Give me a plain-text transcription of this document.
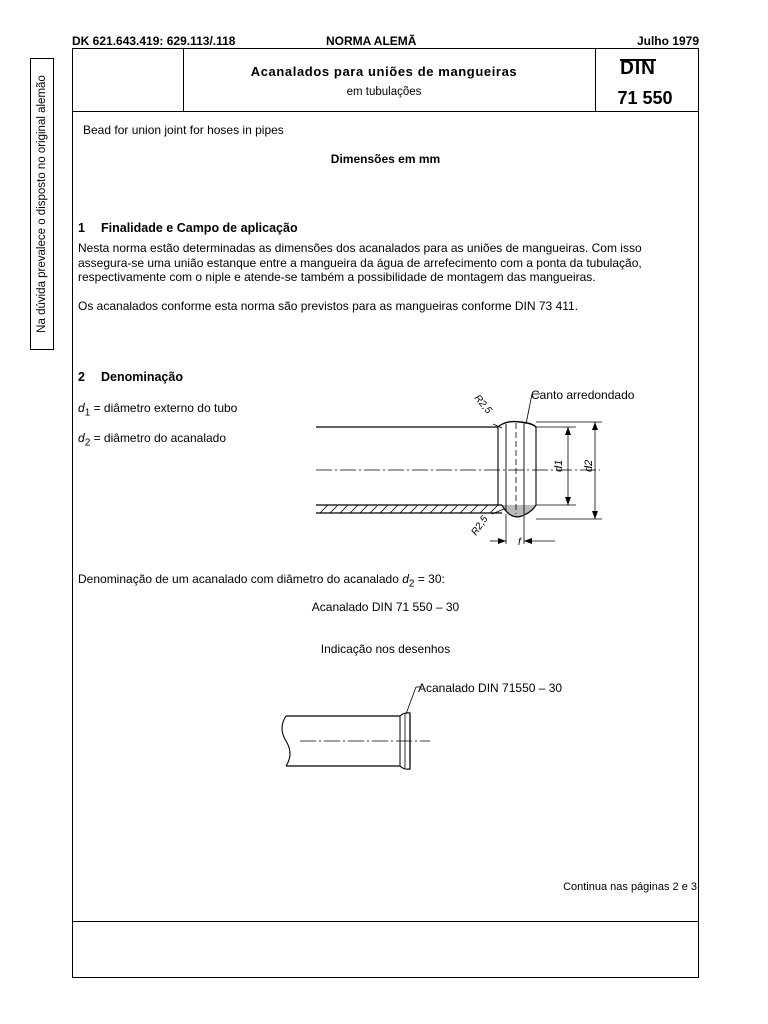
DK 621.643.419: 629.113/.118	NORMA ALEMÃ	Julho 1979
Na dúvida prevalece o disposto no original alemão
Acanalados para uniões de mangueiras
em tubulações
DIN
71 550
Bead for union joint for hoses in pipes
Dimensões em mm
1 Finalidade e Campo de aplicação
Nesta norma estão determinadas as dimensões dos acanalados para as uniões de mangueiras. Com isso
assegura-se uma união estanque entre a mangueira da água de arrefecimento com a ponta da tubulação,
respectivamente com o niple e atende-se também a possibilidade de montagem das mangueiras.
Os acanalados conforme esta norma são previstos para as mangueiras conforme DIN 73 411.
2 Denominação
$d_1$ = diâmetro externo do tubo
$d_2$ = diâmetro do acanalado
d1 d2
f
Canto arredondado
R2,5
R2,5
Denominação de um acanalado com diâmetro do acanalado $d_2 = 30$:
Acanalado DIN 71 550 – 30
Indicação nos desenhos
Acanalado DIN 71550 – 30
Continua nas páginas 2 e 3
